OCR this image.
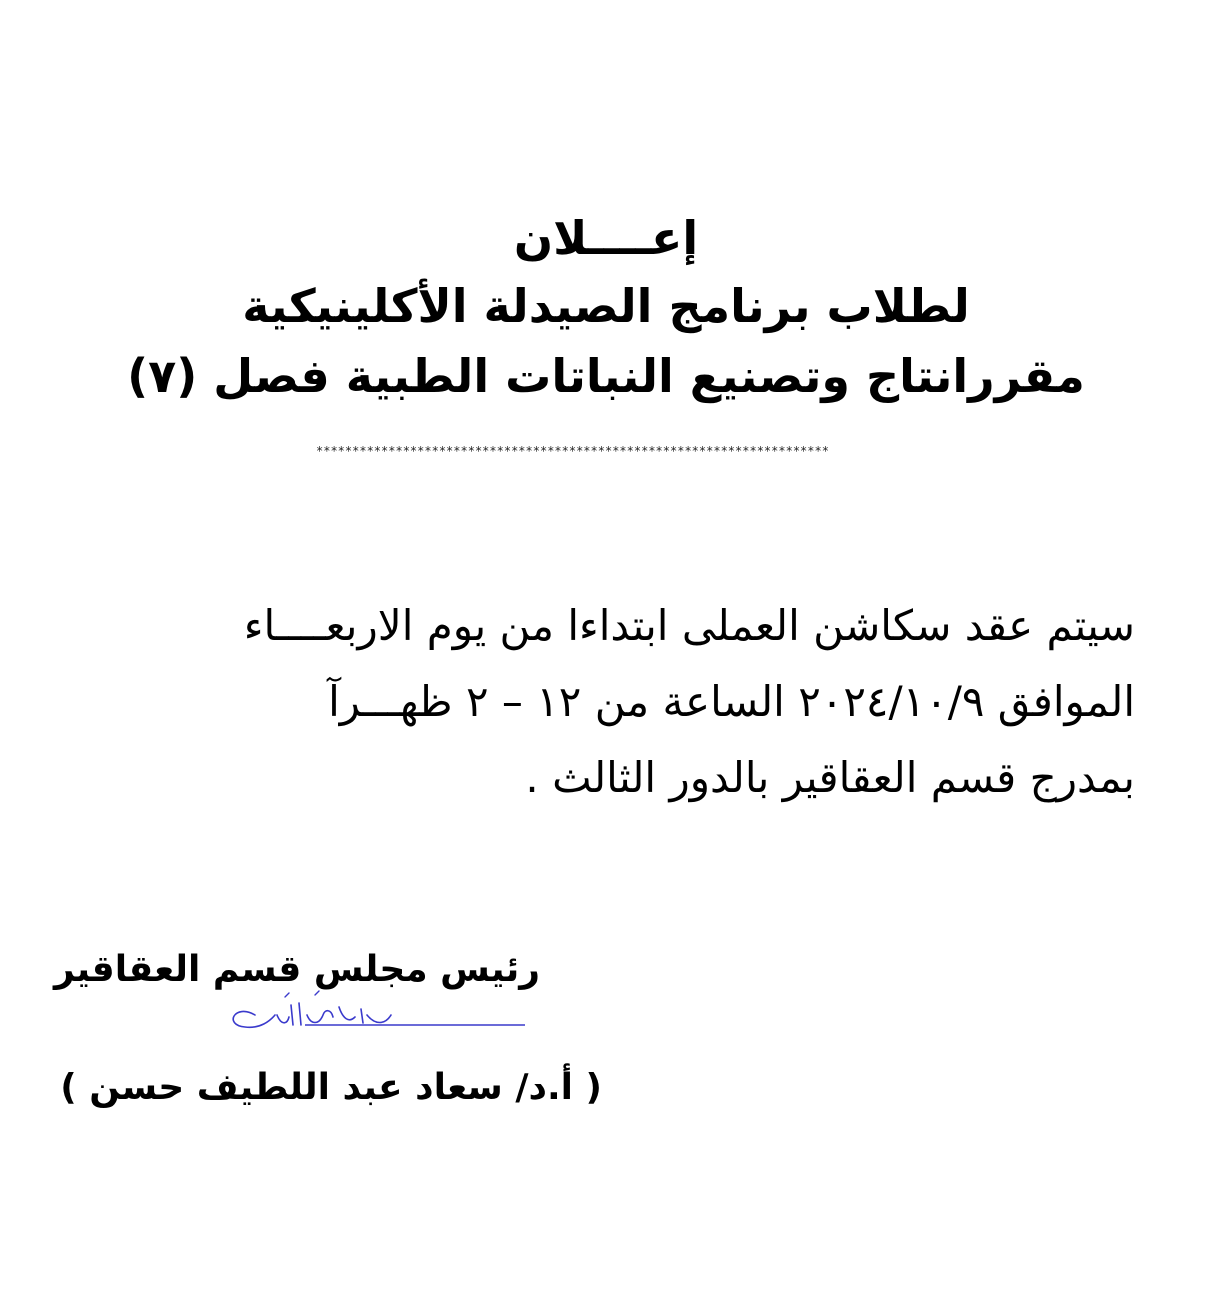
إعــــلان
لطلاب برنامج الصيدلة الأكلينيكية
مقررانتاج وتصنيع النباتات الطبية فصل (٧)
***********************************************************************
سيتم عقد سكاشن العملى ابتداءا من يوم الاربعــــاء
الموافق ٢٠٢٤/١٠/٩ الساعة من ١٢ – ٢ ظهـــرآ
بمدرج قسم العقاقير بالدور الثالث .
رئيس مجلس قسم العقاقير
( أ.د/ سعاد عبد اللطيف حسن )
